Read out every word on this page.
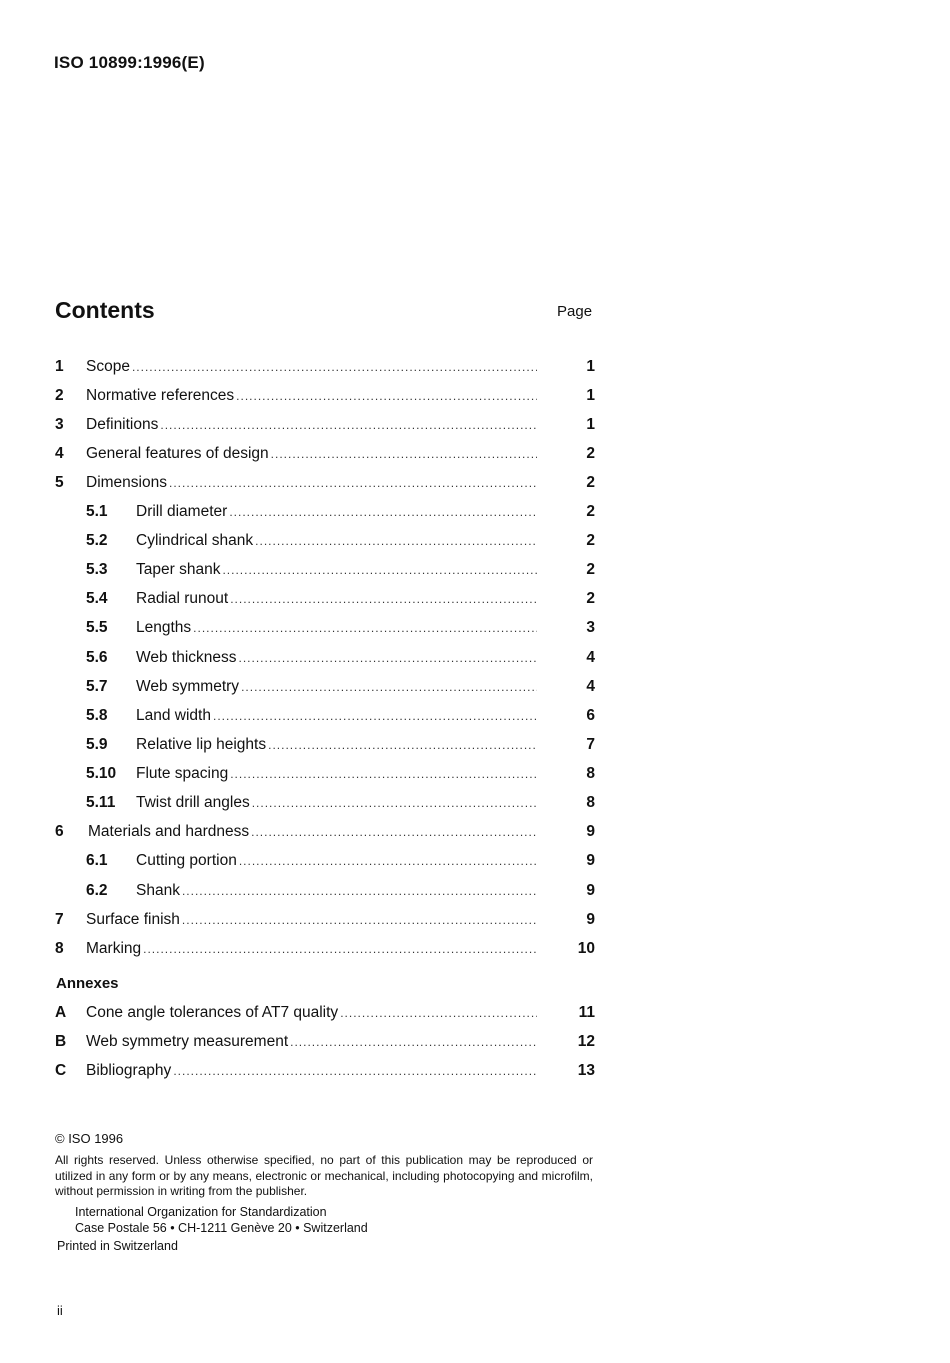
ISO 10899:1996(E)
Contents	Page
1 Scope .....	1
2 Normative references .....	1
3 Definitions .....	1
4 General features of design .....	2
5 Dimensions .....	2
5.1 Drill diameter .....	2
5.2 Cylindrical shank .....	2
5.3 Taper shank .....	2
5.4 Radial runout .....	2
5.5 Lengths .....	3
5.6 Web thickness .....	4
5.7 Web symmetry .....	4
5.8 Land width .....	6
5.9 Relative lip heights .....	7
5.10 Flute spacing .....	8
5.11 Twist drill angles .....	8
6 Materials and hardness .....	9
6.1 Cutting portion .....	9
6.2 Shank .....	9
7 Surface finish .....	9
8 Marking .....	10
Annexes
A Cone angle tolerances of AT7 quality .....	11
B Web symmetry measurement .....	12
C Bibliography .....	13
© ISO 1996
All rights reserved. Unless otherwise specified, no part of this publication may be reproduced or utilized in any form or by any means, electronic or mechanical, including photocopying and microfilm, without permission in writing from the publisher.
International Organization for Standardization
Case Postale 56 • CH-1211 Genève 20 • Switzerland
Printed in Switzerland
ii
